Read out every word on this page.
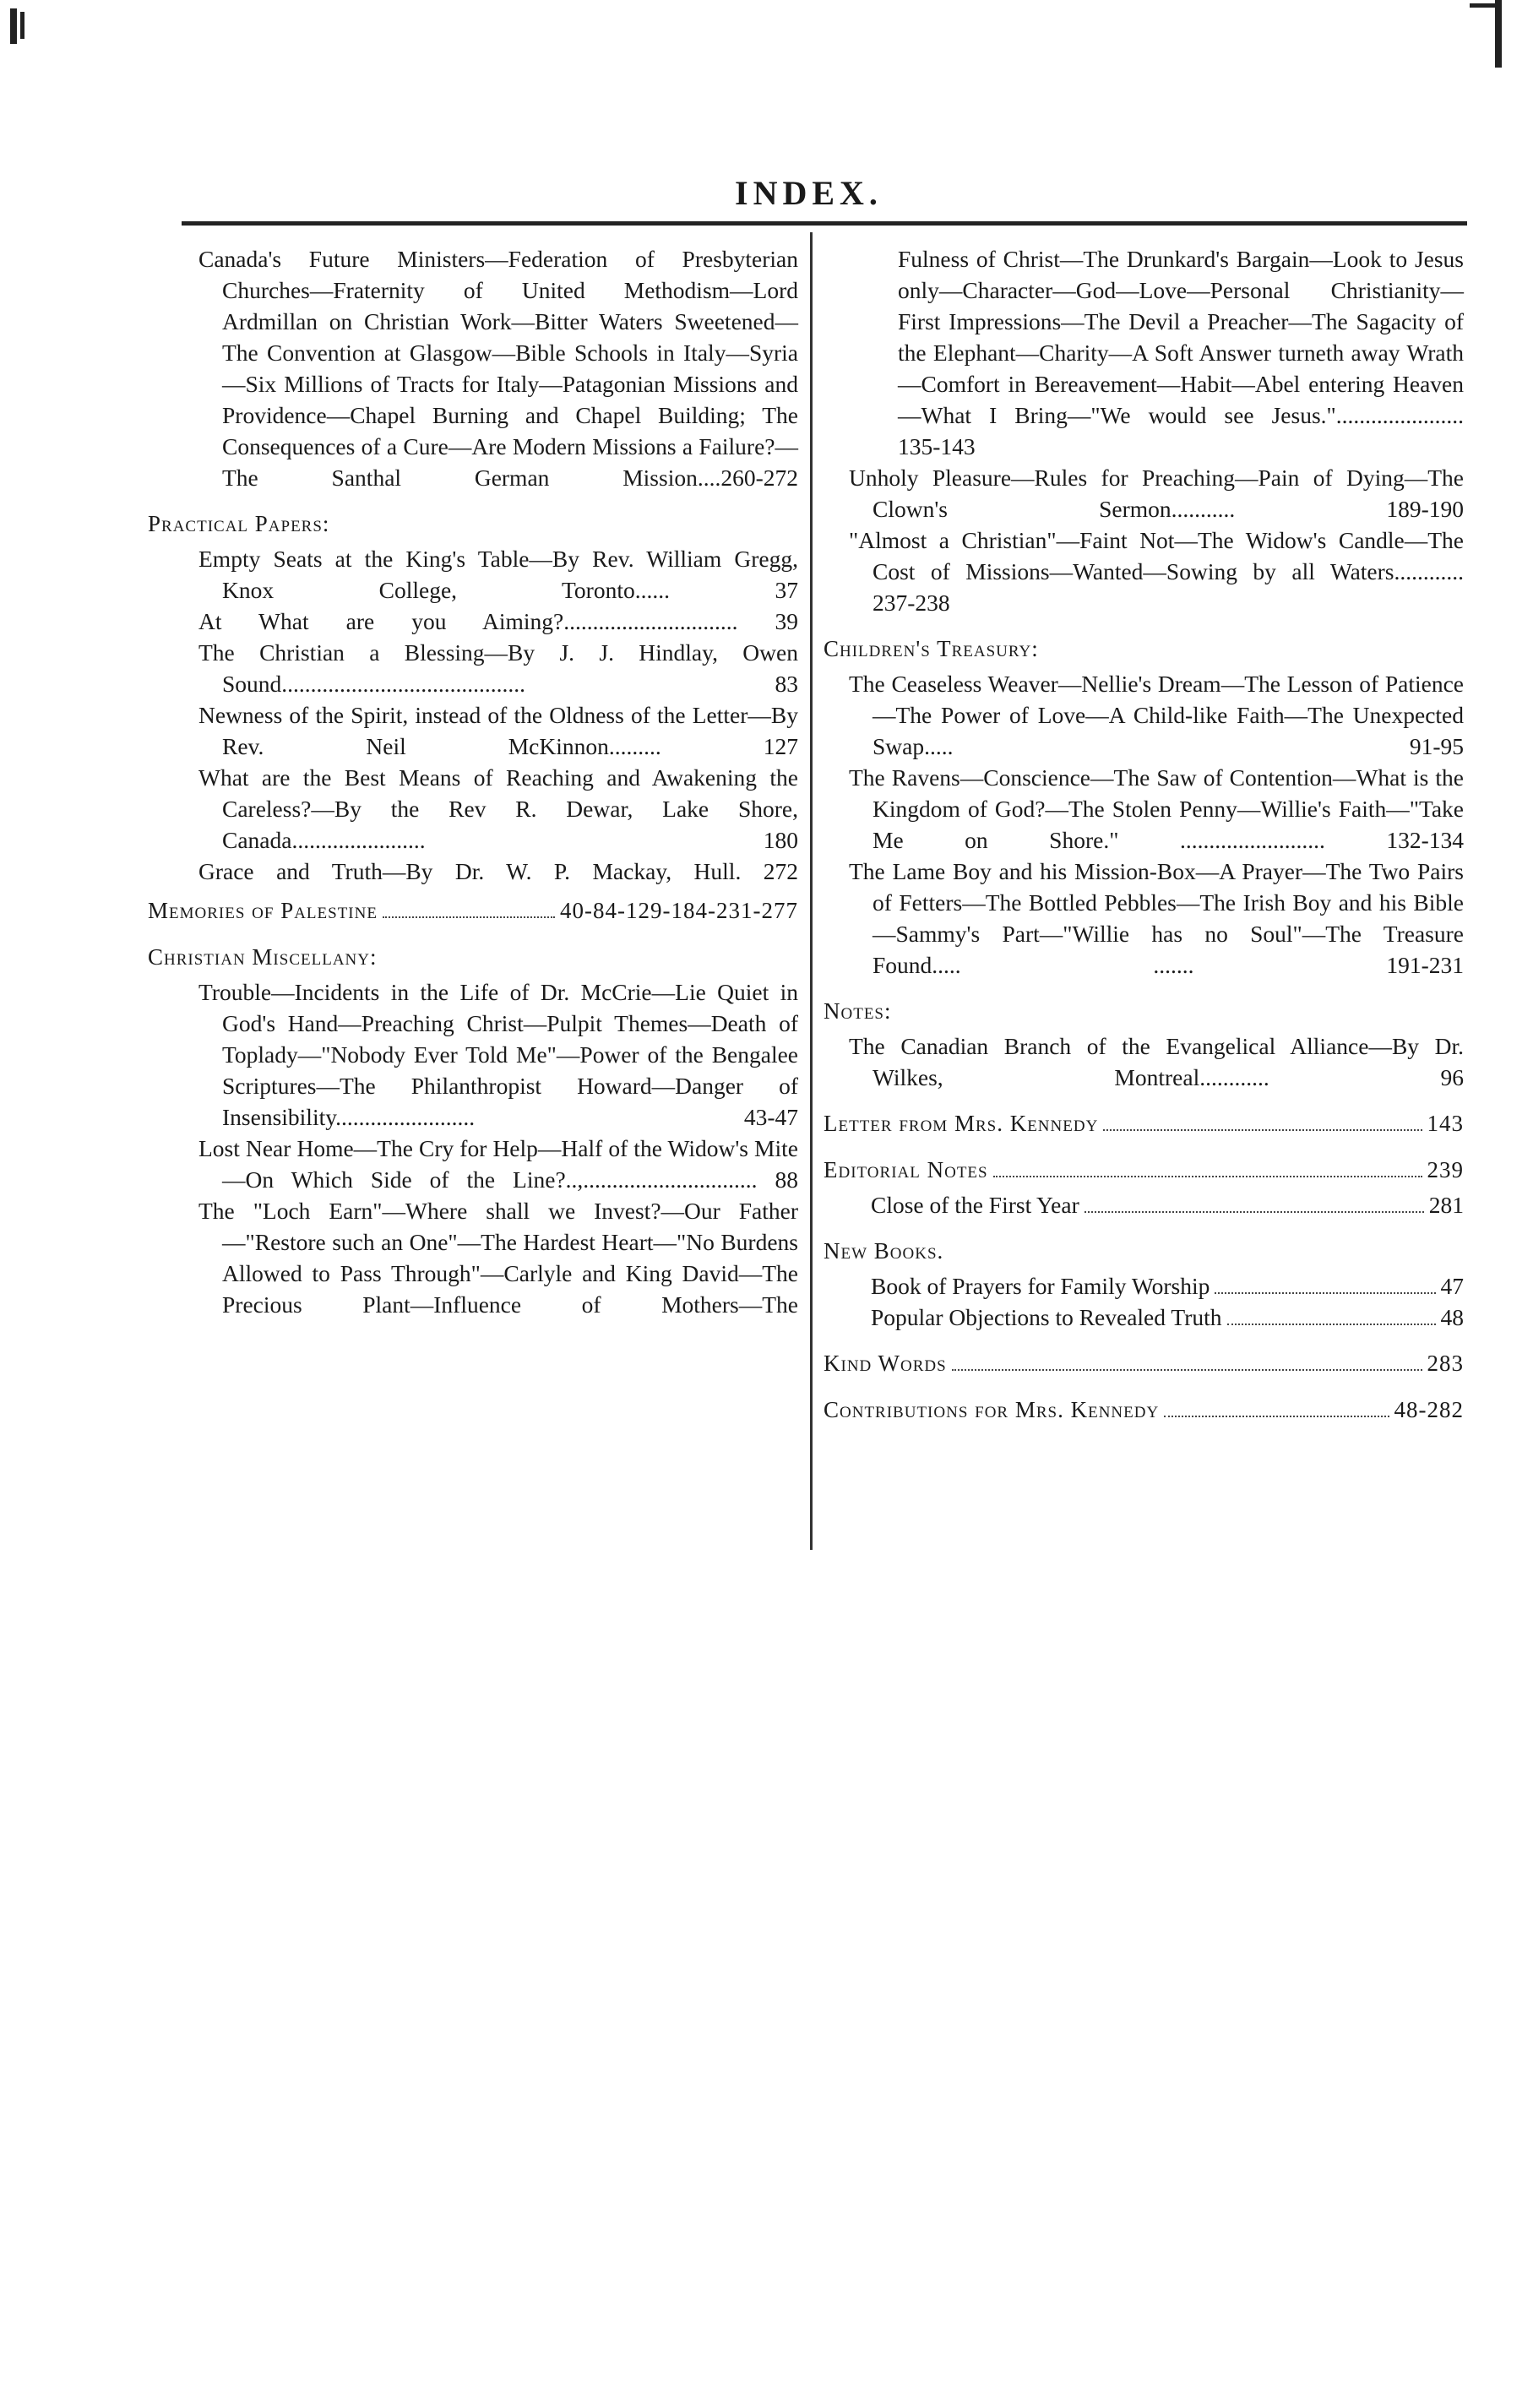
INDEX.
Canada's Future Ministers—Federation of Presbyterian Churches—Fraternity of United Methodism—Lord Ardmillan on Christian Work—Bitter Waters Sweetened—The Convention at Glasgow—Bible Schools in Italy—Syria—Six Millions of Tracts for Italy—Patagonian Missions and Providence—Chapel Burning and Chapel Building; The Consequences of a Cure—Are Modern Missions a Failure?—The Santhal German Mission....260-272
Practical Papers:
Empty Seats at the King's Table—By Rev. William Gregg, Knox College, Toronto......	37
At What are you Aiming?.............................. 39
The Christian a Blessing—By J. J. Hindlay, Owen Sound..........................................	83
Newness of the Spirit, instead of the Oldness of the Letter—By Rev. Neil McKinnon.........	127
What are the Best Means of Reaching and Awakening the Careless?—By the Rev R. Dewar, Lake Shore, Canada.......................	180
Grace and Truth—By Dr. W. P. Mackay, Hull. 272
Memories of Palestine	40-84-129-184-231-277
Christian Miscellany:
Trouble—Incidents in the Life of Dr. McCrie—Lie Quiet in God's Hand—Preaching Christ—Pulpit Themes—Death of Toplady—"Nobody Ever Told Me"—Power of the Bengalee Scriptures—The Philanthropist Howard—Danger of Insensibility........................	43-47
Lost Near Home—The Cry for Help—Half of the Widow's Mite—On Which Side of the Line?..,.............................. 88
The "Loch Earn"—Where shall we Invest?—Our Father—"Restore such an One"—The Hardest Heart—"No Burdens Allowed to Pass Through"—Carlyle and King David—The Precious Plant—Influence of Mothers—The
Fulness of Christ—The Drunkard's Bargain—Look to Jesus only—Character—God—Love—Personal Christianity—First Impressions—The Devil a Preacher—The Sagacity of the Elephant—Charity—A Soft Answer turneth away Wrath—Comfort in Bereavement—Habit—Abel entering Heaven—What I Bring—"We would see Jesus."...................... 135-143
Unholy Pleasure—Rules for Preaching—Pain of Dying—The Clown's Sermon...........	189-190
"Almost a Christian"—Faint Not—The Widow's Candle—The Cost of Missions—Wanted—Sowing by all Waters............ 237-238
Children's Treasury:
The Ceaseless Weaver—Nellie's Dream—The Lesson of Patience—The Power of Love—A Child-like Faith—The Unexpected Swap.....	91-95
The Ravens—Conscience—The Saw of Contention—What is the Kingdom of God?—The Stolen Penny—Willie's Faith—"Take Me on Shore." .........................	132-134
The Lame Boy and his Mission-Box—A Prayer—The Two Pairs of Fetters—The Bottled Pebbles—The Irish Boy and his Bible—Sammy's Part—"Willie has no Soul"—The Treasure Found..... .......	191-231
Notes:
The Canadian Branch of the Evangelical Alliance—By Dr. Wilkes, Montreal............	96
Letter from Mrs. Kennedy	143
Editorial Notes	239
Close of the First Year	281
New Books.
Book of Prayers for Family Worship	47
Popular Objections to Revealed Truth	48
Kind Words	283
Contributions for Mrs. Kennedy	48-282
